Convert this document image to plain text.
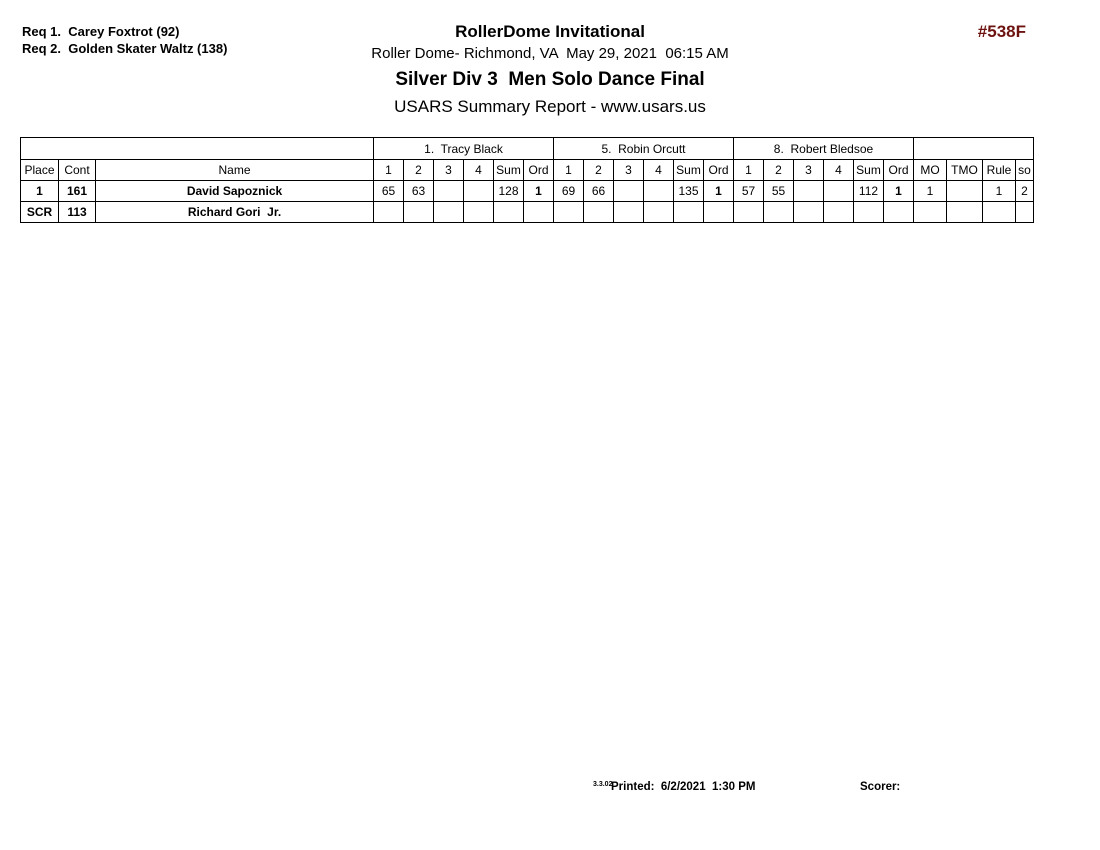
Req 1.  Carey Foxtrot (92)
Req 2.  Golden Skater Waltz (138)
RollerDome Invitational
Roller Dome- Richmond, VA  May 29, 2021  06:15 AM
Silver Div 3  Men Solo Dance Final
USARS Summary Report - www.usars.us
#538F
			1.  Tracy Black						5.  Robin Orcutt						8.  Robert Bledsoe									
Place	Cont	Name	1	2	3	4	Sum	Ord	1	2	3	4	Sum	Ord	1	2	3	4	Sum	Ord	MO	TMO	Rule	so
1	161	David Sapoznick	65	63			128	1	69	66			135	1	57	55			112	1	1		1	2
SCR	113	Richard Gori  Jr.																						
3.3.02
Printed:  6/2/2021  1:30 PM	Scorer:
